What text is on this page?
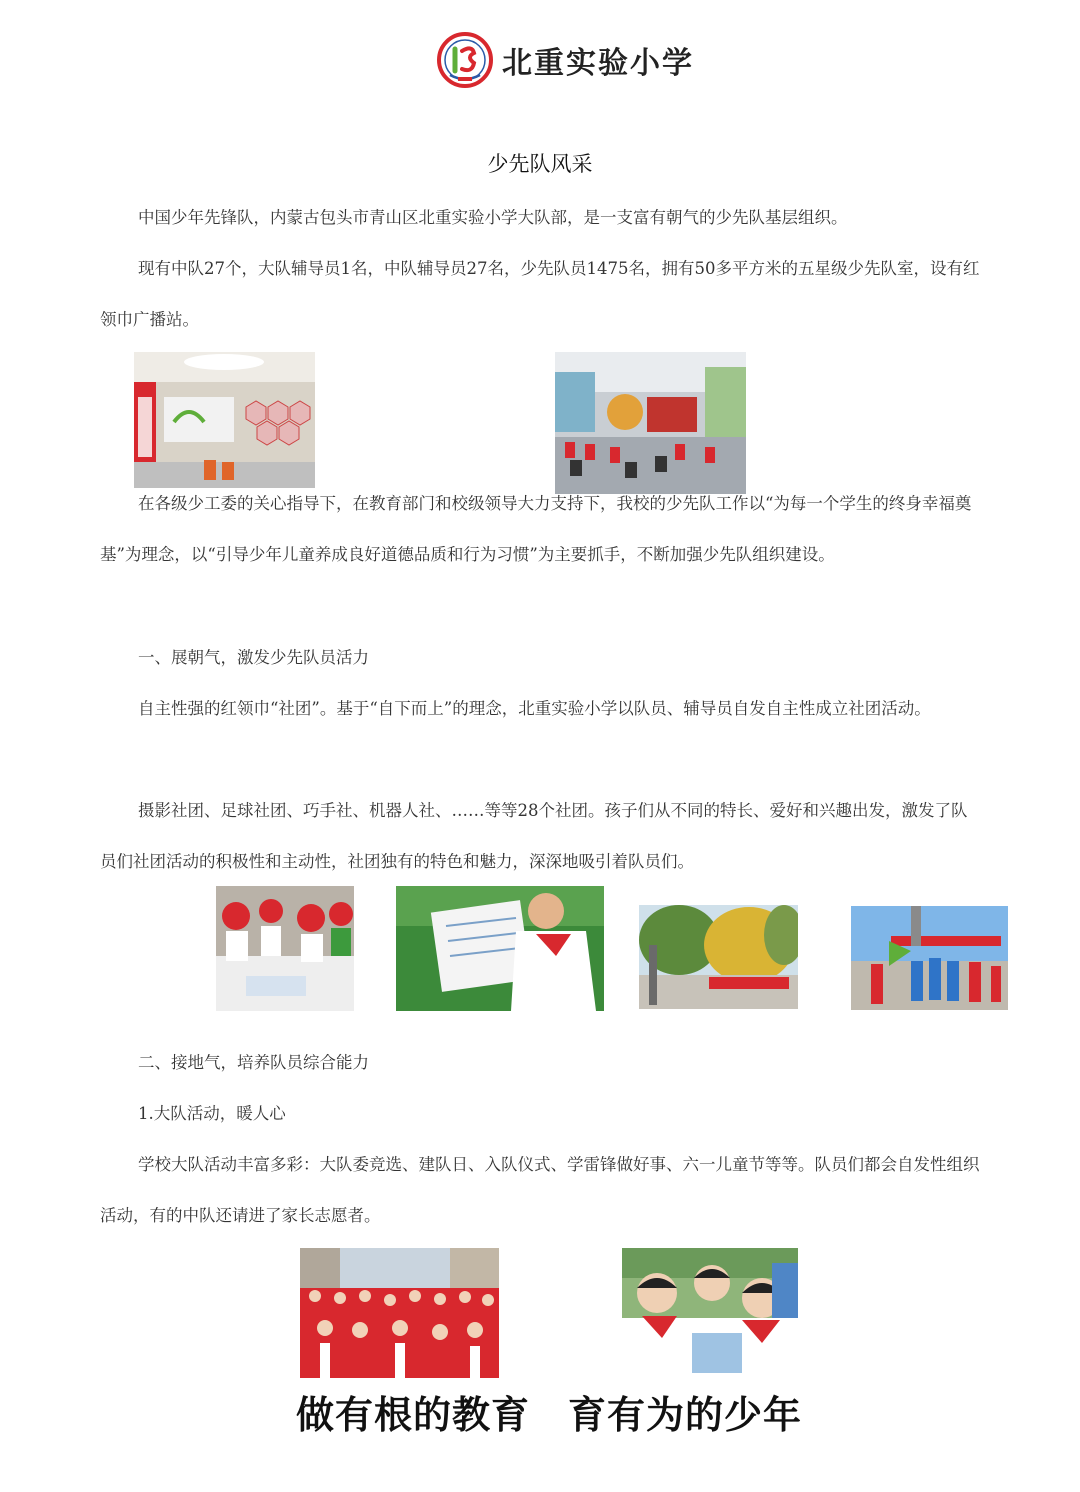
北重实验小学
少先队风采

中国少年先锋队，内蒙古包头市青山区北重实验小学大队部，是一支富有朝气的少先队基层组织。

现有中队27个，大队辅导员1名，中队辅导员27名，少先队员1475名，拥有50多平方米的五星级少先队室，设有红领巾广播站。

在各级少工委的关心指导下，在教育部门和校级领导大力支持下，我校的少先队工作以“为每一个学生的终身幸福奠基”为理念，以“引导少年儿童养成良好道德品质和行为习惯”为主要抓手，不断加强少先队组织建设。

一、展朝气，激发少先队员活力

自主性强的红领巾“社团”。基于“自下而上”的理念，北重实验小学以队员、辅导员自发自主性成立社团活动。

摄影社团、足球社团、巧手社、机器人社、……等等28个社团。孩子们从不同的特长、爱好和兴趣出发，激发了队员们社团活动的积极性和主动性，社团独有的特色和魅力，深深地吸引着队员们。

二、接地气，培养队员综合能力

1.大队活动，暖人心

学校大队活动丰富多彩：大队委竞选、建队日、入队仪式、学雷锋做好事、六一儿童节等等。队员们都会自发性组织活动，有的中队还请进了家长志愿者。

做有根的教育 育有为的少年
